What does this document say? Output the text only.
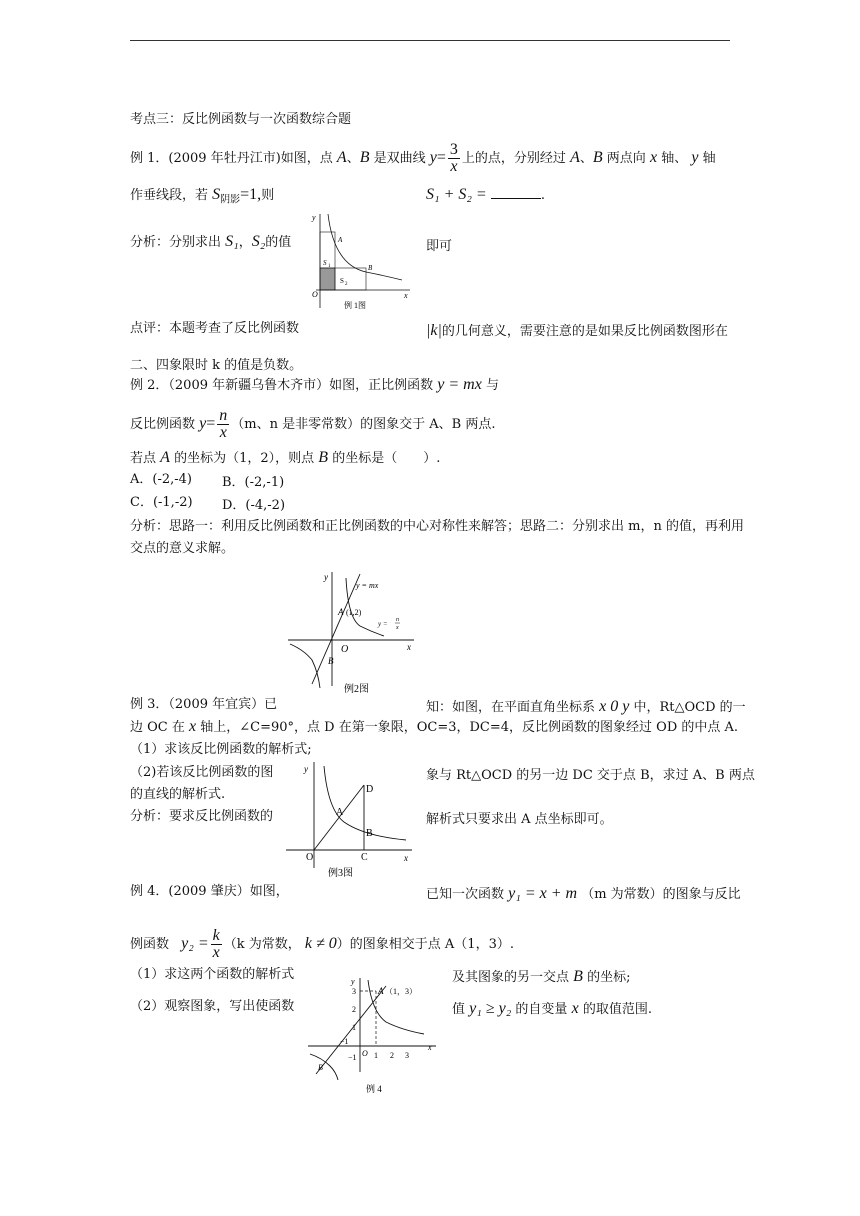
考点三：反比例函数与一次函数综合题
例 1．(2009 年牡丹江市)如图，点 A、B 是双曲线 $y= \frac{3}{x}$ 上的点，分别经过 A、B 两点向 x 轴、 y 轴
作垂线段，若 $S_{阴影}=1$,则	S₁ + S₂ =	.
分析：分别求出 S₁，S₂的值	即可
y
x
O
A
B
S 1
S 2
例 1图
点评：本题考查了反比例函数	|k|的几何意义，需要注意的是如果反比例函数图形在
二、四象限时 k 的值是负数。
例 2．（2009 年新疆乌鲁木齐市）如图，正比例函数 y = mx 与
反比例函数 $y= \frac{n}{x} (m$、n 是非零常数）的图象交于 A、B 两点.
若点 A 的坐标为（1，2），则点 B 的坐标是（　　）.
A．(-2,-4) B．(-2,-1)
C．(-1,-2) D．(-4,-2)
分析：思路一：利用反比例函数和正比例函数的中心对称性来解答；思路二：分别求出 m，n 的值，再利用
交点的意义求解。
y
x
O
A (1,2)
B
y = mx
y = n
x
例2图
例 3．（2009 年宜宾）已	知：如图，在平面直角坐标系 x 0 y 中，Rt△OCD 的一
边 OC 在 x 轴上，∠C=90°，点 D 在第一象限，OC=3，DC=4，反比例函数的图象经过 OD 的中点 A.
（1）求该反比例函数的解析式;
（2)若该反比例函数的图	象与 Rt△OCD 的另一边 DC 交于点 B，求过 A、B 两点
的直线的解析式.
分析：要求反比例函数的	解析式只要求出 A 点坐标即可。
y
x
O
A
B
C
D
例3图
例 4．(2009 肇庆）如图，	已知一次函数 y₁ = x + m （m 为常数）的图象与反比
例函数 $y_2 = \frac{k}{x} (k$ 为常数， k ≠ 0）的图象相交于点 A（1，3）.
（1）求这两个函数的解析式	及其图象的另一交点 B 的坐标;
（2）观察图象，写出使函数	值 y₁ ≥ y₂ 的自变量 x 的取值范围.
y
x
O
A （1，3）
B
3
2
1
−1 1 2 3
−1
例 4
